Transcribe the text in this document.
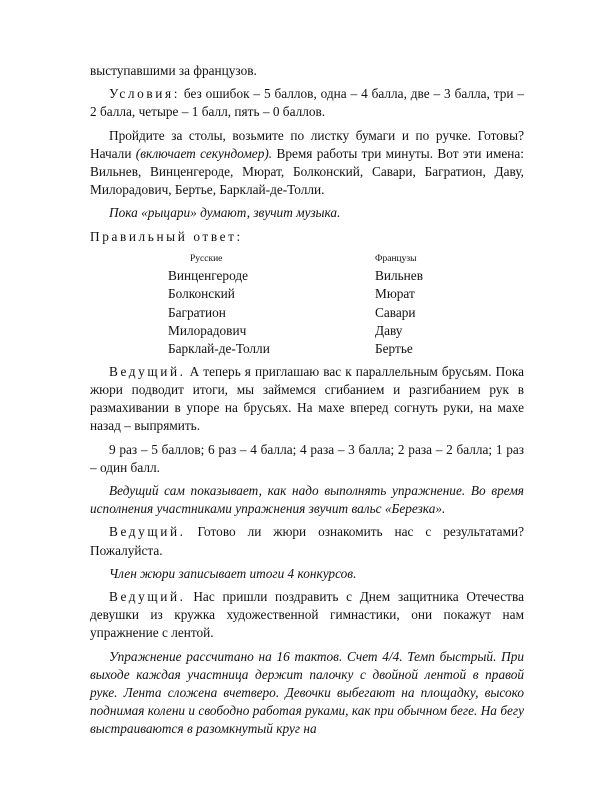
выступавшими за французов.

Условия: без ошибок – 5 баллов, одна – 4 балла, две – 3 балла, три – 2 балла, четыре – 1 балл, пять – 0 баллов.

Пройдите за столы, возьмите по листку бумаги и по ручке. Готовы? Начали (включает секундомер). Время работы три минуты. Вот эти имена: Вильнев, Винценгероде, Мюрат, Болконский, Савари, Багратион, Даву, Милорадович, Бертье, Барклай-де-Толли.

Пока «рыцари» думают, звучит музыка.

Правильный ответ:

Русские	Французы
Винценгероде	Вильнев
Болконский	Мюрат
Багратион	Савари
Милорадович	Даву
Барклай-де-Толли	Бертье

Ведущий. А теперь я приглашаю вас к параллельным брусьям. Пока жюри подводит итоги, мы займемся сгибанием и разгибанием рук в размахивании в упоре на брусьях. На махе вперед согнуть руки, на махе назад – выпрямить.

9 раз – 5 баллов; 6 раз – 4 балла; 4 раза – 3 балла; 2 раза – 2 балла; 1 раз – один балл.

Ведущий сам показывает, как надо выполнять упражнение. Во время исполнения участниками упражнения звучит вальс «Березка».

Ведущий. Готово ли жюри ознакомить нас с результатами? Пожалуйста.

Член жюри записывает итоги 4 конкурсов.

Ведущий. Нас пришли поздравить с Днем защитника Отечества девушки из кружка художественной гимнастики, они покажут нам упражнение с лентой.

Упражнение рассчитано на 16 тактов. Счет 4/4. Темп быстрый. При выходе каждая участница держит палочку с двойной лентой в правой руке. Лента сложена вчетверо. Девочки выбегают на площадку, высоко поднимая колени и свободно работая руками, как при обычном беге. На бегу выстраиваются в разомкнутый круг на
